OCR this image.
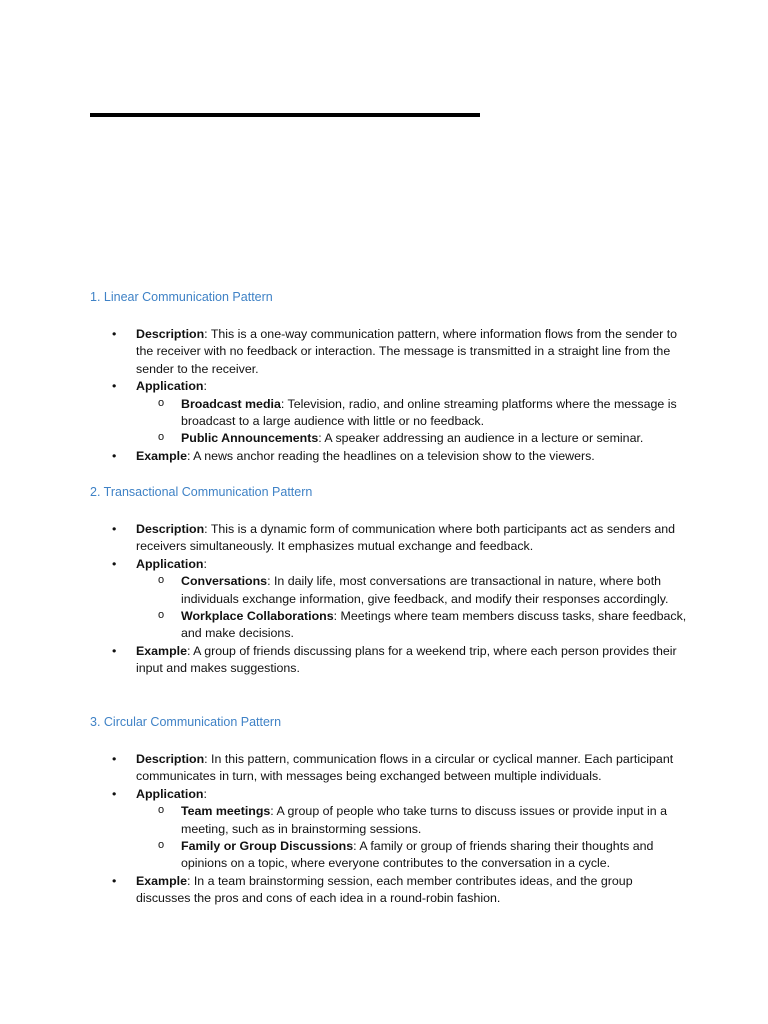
1. Linear Communication Pattern

• Description: This is a one-way communication pattern, where information flows from the sender to the receiver with no feedback or interaction. The message is transmitted in a straight line from the sender to the receiver.
• Application:
o Broadcast media: Television, radio, and online streaming platforms where the message is broadcast to a large audience with little or no feedback.
o Public Announcements: A speaker addressing an audience in a lecture or seminar.
• Example: A news anchor reading the headlines on a television show to the viewers.

2. Transactional Communication Pattern

• Description: This is a dynamic form of communication where both participants act as senders and receivers simultaneously. It emphasizes mutual exchange and feedback.
• Application:
o Conversations: In daily life, most conversations are transactional in nature, where both individuals exchange information, give feedback, and modify their responses accordingly.
o Workplace Collaborations: Meetings where team members discuss tasks, share feedback, and make decisions.
• Example: A group of friends discussing plans for a weekend trip, where each person provides their input and makes suggestions.

3. Circular Communication Pattern

• Description: In this pattern, communication flows in a circular or cyclical manner. Each participant communicates in turn, with messages being exchanged between multiple individuals.
• Application:
o Team meetings: A group of people who take turns to discuss issues or provide input in a meeting, such as in brainstorming sessions.
o Family or Group Discussions: A family or group of friends sharing their thoughts and opinions on a topic, where everyone contributes to the conversation in a cycle.
• Example: In a team brainstorming session, each member contributes ideas, and the group discusses the pros and cons of each idea in a round-robin fashion.
